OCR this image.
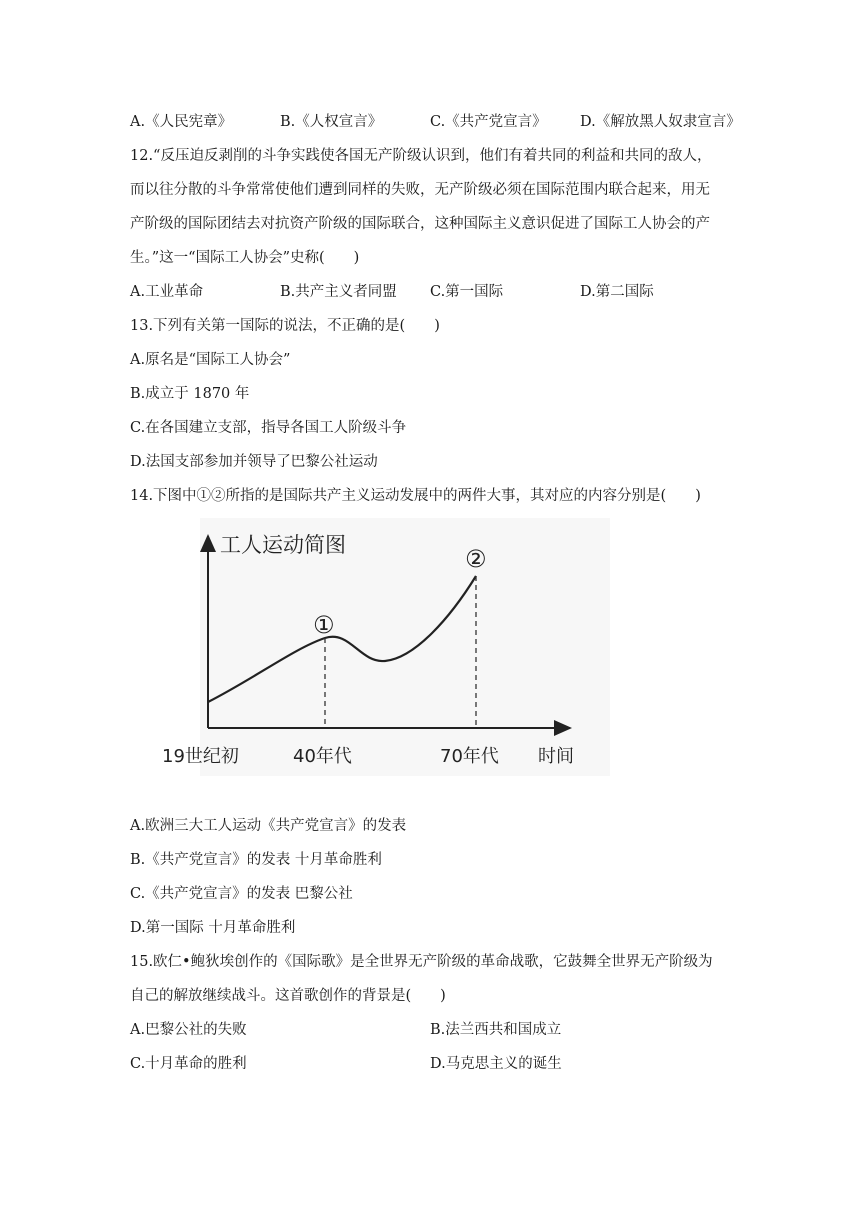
A.《人民宪章》	B.《人权宣言》	C.《共产党宣言》 D.《解放黑人奴隶宣言》
12.“反压迫反剥削的斗争实践使各国无产阶级认识到，他们有着共同的利益和共同的敌人，
而以往分散的斗争常常使他们遭到同样的失败，无产阶级必须在国际范围内联合起来，用无
产阶级的国际团结去对抗资产阶级的国际联合，这种国际主义意识促进了国际工人协会的产
生。”这一“国际工人协会”史称(　　)
A.工业革命	B.共产主义者同盟 C.第一国际	D.第二国际
13.下列有关第一国际的说法，不正确的是(　　)
A.原名是“国际工人协会”
B.成立于 1870 年
C.在各国建立支部，指导各国工人阶级斗争
D.法国支部参加并领导了巴黎公社运动
14.下图中①②所指的是国际共产主义运动发展中的两件大事，其对应的内容分别是(　　)
工人运动简图
①
②
19世纪初	40年代	70年代 时间
A.欧洲三大工人运动《共产党宣言》的发表
B.《共产党宣言》的发表 十月革命胜利
C.《共产党宣言》的发表 巴黎公社
D.第一国际 十月革命胜利
15.欧仁•鲍狄埃创作的《国际歌》是全世界无产阶级的革命战歌，它鼓舞全世界无产阶级为
自己的解放继续战斗。这首歌创作的背景是(　　)
A.巴黎公社的失败	B.法兰西共和国成立
C.十月革命的胜利	D.马克思主义的诞生
